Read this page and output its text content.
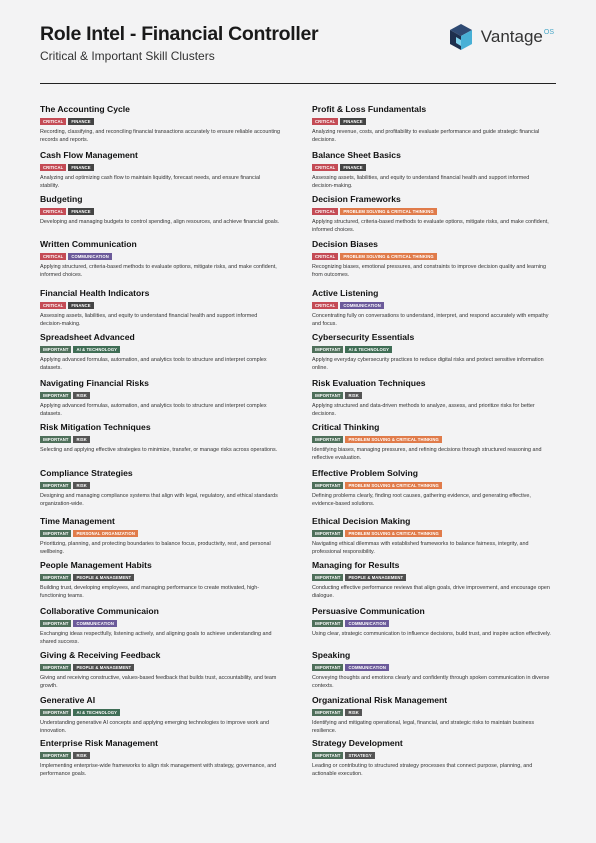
Role Intel - Financial Controller
Critical & Important Skill Clusters
Vantage OS
The Accounting Cycle
CRITICAL	FINANCE
Recording, classifying, and reconciling financial transactions accurately to ensure reliable accounting records and reports.
Cash Flow Management
CRITICAL	FINANCE
Analyzing and optimizing cash flow to maintain liquidity, forecast needs, and ensure financial stability.
Budgeting
CRITICAL	FINANCE
Developing and managing budgets to control spending, align resources, and achieve financial goals.
Written Communication
CRITICAL	COMMUNICATION
Applying structured, criteria-based methods to evaluate options, mitigate risks, and make confident, informed choices.
Financial Health Indicators
CRITICAL	FINANCE
Assessing assets, liabilities, and equity to understand financial health and support informed decision-making.
Spreadsheet Advanced
IMPORTANT	AI & TECHNOLOGY
Applying advanced formulas, automation, and analytics tools to structure and interpret complex datasets.
Navigating Financial Risks
IMPORTANT	RISK
Applying advanced formulas, automation, and analytics tools to structure and interpret complex datasets.
Risk Mitigation Techniques
IMPORTANT	RISK
Selecting and applying effective strategies to minimize, transfer, or manage risks across operations.
Compliance Strategies
IMPORTANT	RISK
Designing and managing compliance systems that align with legal, regulatory, and ethical standards organization-wide.
Time Management
IMPORTANT	PERSONAL ORGANIZATION
Prioritizing, planning, and protecting boundaries to balance focus, productivity, rest, and personal wellbeing.
People Management Habits
IMPORTANT	PEOPLE & MANAGEMENT
Building trust, developing employees, and managing performance to create motivated, high-functioning teams.
Collaborative Communicaion
IMPORTANT	COMMUNICATION
Exchanging ideas respectfully, listening actively, and aligning goals to achieve understanding and shared success.
Giving & Receiving Feedback
IMPORTANT	PEOPLE & MANAGEMENT
Giving and receiving constructive, values-based feedback that builds trust, accountability, and team growth.
Generative AI
IMPORTANT	AI & TECHNOLOGY
Understanding generative AI concepts and applying emerging technologies to improve work and innovation.
Enterprise Risk Management
IMPORTANT	RISK
Implementing enterprise-wide frameworks to align risk management with strategy, governance, and performance goals.
Profit & Loss Fundamentals
CRITICAL	FINANCE
Analyzing revenue, costs, and profitability to evaluate performance and guide strategic financial decisions.
Balance Sheet Basics
CRITICAL	FINANCE
Assessing assets, liabilities, and equity to understand financial health and support informed decision-making.
Decision Frameworks
CRITICAL	PROBLEM SOLVING & CRITICAL THINKING
Applying structured, criteria-based methods to evaluate options, mitigate risks, and make confident, informed choices.
Decision Biases
CRITICAL	PROBLEM SOLVING & CRITICAL THINKING
Recognizing biases, emotional pressures, and constraints to improve decision quality and learning from outcomes.
Active Listening
CRITICAL	COMMUNICATION
Concentrating fully on conversations to understand, interpret, and respond accurately with empathy and focus.
Cybersecurity Essentials
IMPORTANT	AI & TECHNOLOGY
Applying everyday cybersecurity practices to reduce digital risks and protect sensitive information online.
Risk Evaluation Techniques
IMPORTANT	RISK
Applying structured and data-driven methods to analyze, assess, and prioritize risks for better decisions.
Critical Thinking
IMPORTANT	PROBLEM SOLVING & CRITICAL THINKING
Identifying biases, managing pressures, and refining decisions through structured reasoning and reflective evaluation.
Effective Problem Solving
IMPORTANT	PROBLEM SOLVING & CRITICAL THINKING
Defining problems clearly, finding root causes, gathering evidence, and generating effective, evidence-based solutions.
Ethical Decision Making
IMPORTANT	PROBLEM SOLVING & CRITICAL THINKING
Navigating ethical dilemmas with established frameworks to balance fairness, integrity, and professional responsibility.
Managing for Results
IMPORTANT	PEOPLE & MANAGEMENT
Conducting effective performance reviews that align goals, drive improvement, and encourage open dialogue.
Persuasive Communication
IMPORTANT	COMMUNICATION
Using clear, strategic communication to influence decisions, build trust, and inspire action effectively.
Speaking
IMPORTANT	COMMUNICATION
Conveying thoughts and emotions clearly and confidently through spoken communication in diverse contexts.
Organizational Risk Management
IMPORTANT	RISK
Identifying and mitigating operational, legal, financial, and strategic risks to maintain business resilience.
Strategy Development
IMPORTANT	STRATEGY
Leading or contributing to structured strategy processes that connect purpose, planning, and actionable execution.
